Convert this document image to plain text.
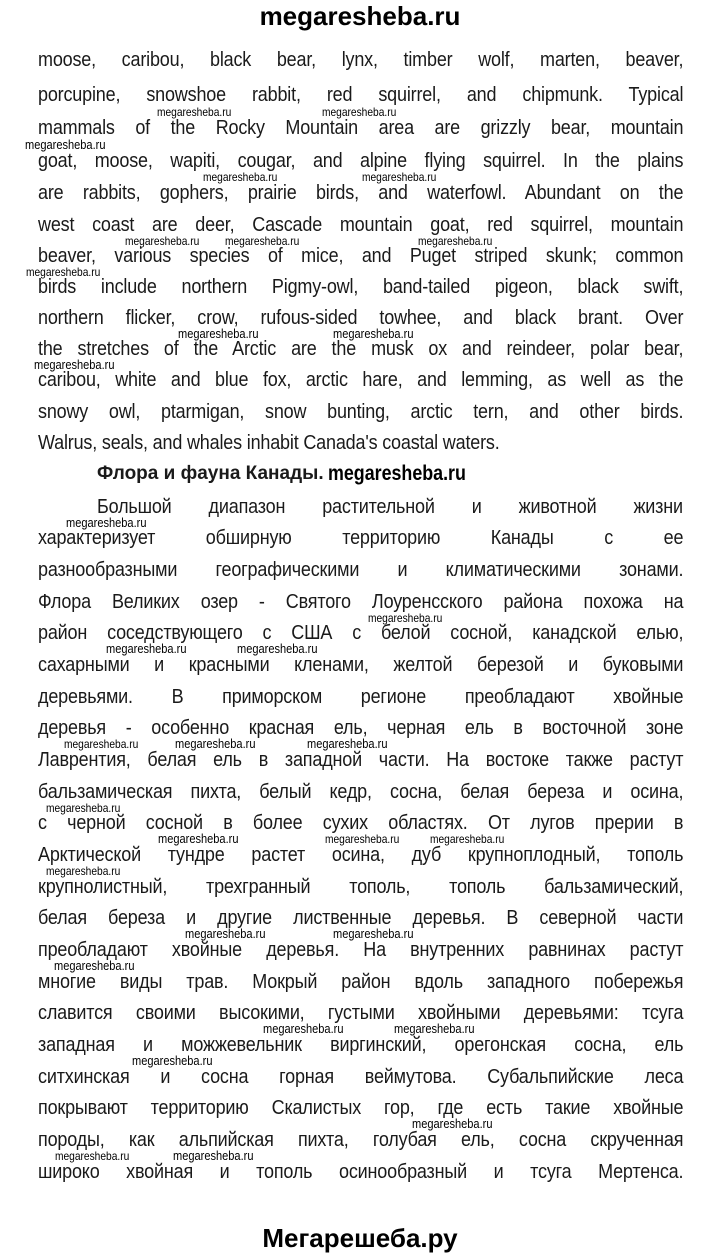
megaresheba.ru
moose, caribou, black bear, lynx, timber wolf, marten, beaver,
porcupine, snowshoe rabbit, red squirrel, and chipmunk. Typical
mammals of the Rocky Mountain area are grizzly bear, mountain
goat, moose, wapiti, cougar, and alpine flying squirrel. In the plains
are rabbits, gophers, prairie birds, and waterfowl. Abundant on the
west coast are deer, Cascade mountain goat, red squirrel, mountain
beaver, various species of mice, and Puget striped skunk; common
birds include northern Pigmy-owl, band-tailed pigeon, black swift,
northern flicker, crow, rufous-sided towhee, and black brant. Over
the stretches of the Arctic are the musk ox and reindeer, polar bear,
caribou, white and blue fox, arctic hare, and lemming, as well as the
snowy owl, ptarmigan, snow bunting, arctic tern, and other birds.
Walrus, seals, and whales inhabit Canada's coastal waters.
Флора и фауна Канады.
Большой диапазон растительной и животной жизни
характеризует обширную территорию Канады с ее
разнообразными географическими и климатическими зонами.
Флора Великих озер - Святого Лоуренсского района похожа на
район соседствующего с США с белой сосной, канадской елью,
сахарными и красными кленами, желтой березой и буковыми
деревьями. В приморском регионе преобладают хвойные
деревья - особенно красная ель, черная ель в восточной зоне
Лаврентия, белая ель в западной части. На востоке также растут
бальзамическая пихта, белый кедр, сосна, белая береза и осина,
с черной сосной в более сухих областях. От лугов прерии в
Арктической тундре растет осина, дуб крупноплодный, тополь
крупнолистный, трехгранный тополь, тополь бальзамический,
белая береза и другие лиственные деревья. В северной части
преобладают хвойные деревья. На внутренних равнинах растут
многие виды трав. Мокрый район вдоль западного побережья
славится своими высокими, густыми хвойными деревьями: тсуга
западная и можжевельник виргинский, орегонская сосна, ель
ситхинская и сосна горная веймутова. Субальпийские леса
покрывают территорию Скалистых гор, где есть такие хвойные
породы, как альпийская пихта, голубая ель, сосна скрученная
широко хвойная и тополь осинообразный и тсуга Мертенса.
megaresheba.ru	megaresheba.ru
megaresheba.ru
megaresheba.ru	megaresheba.ru
megaresheba.ru megaresheba.ru	megaresheba.ru
megaresheba.ru
megaresheba.ru	megaresheba.ru
megaresheba.ru
megaresheba.ru
megaresheba.ru
megaresheba.ru
megaresheba.ru	megaresheba.ru
megaresheba.ru	megaresheba.ru	megaresheba.ru
megaresheba.ru
megaresheba.ru	megaresheba.ru	megaresheba.ru
megaresheba.ru
megaresheba.ru	megaresheba.ru
megaresheba.ru
megaresheba.ru	megaresheba.ru
megaresheba.ru
megaresheba.ru
megaresheba.ru	megaresheba.ru
Мегарешеба.ру
